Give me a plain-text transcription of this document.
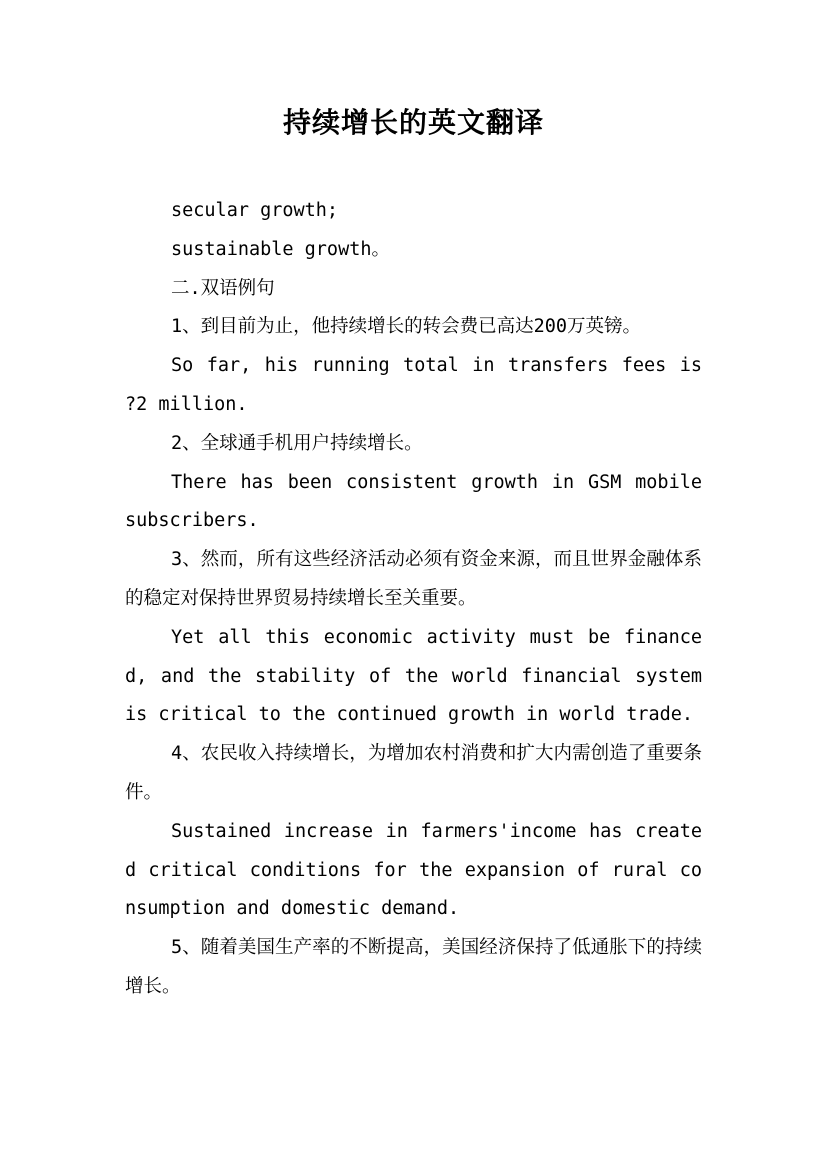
持续增长的英文翻译

secular growth;

sustainable growth。

二.双语例句

1、到目前为止，他持续增长的转会费已高达200万英镑。

So far, his running total in transfers fees is ?2 million.

2、全球通手机用户持续增长。

There has been consistent growth in GSM mobile subscribers.

3、然而，所有这些经济活动必须有资金来源，而且世界金融体系的稳定对保持世界贸易持续增长至关重要。

Yet all this economic activity must be financed, and the stability of the world financial system is critical to the continued growth in world trade.

4、农民收入持续增长，为增加农村消费和扩大内需创造了重要条件。

Sustained increase in farmers'income has created critical conditions for the expansion of rural consumption and domestic demand.

5、随着美国生产率的不断提高，美国经济保持了低通胀下的持续增长。
